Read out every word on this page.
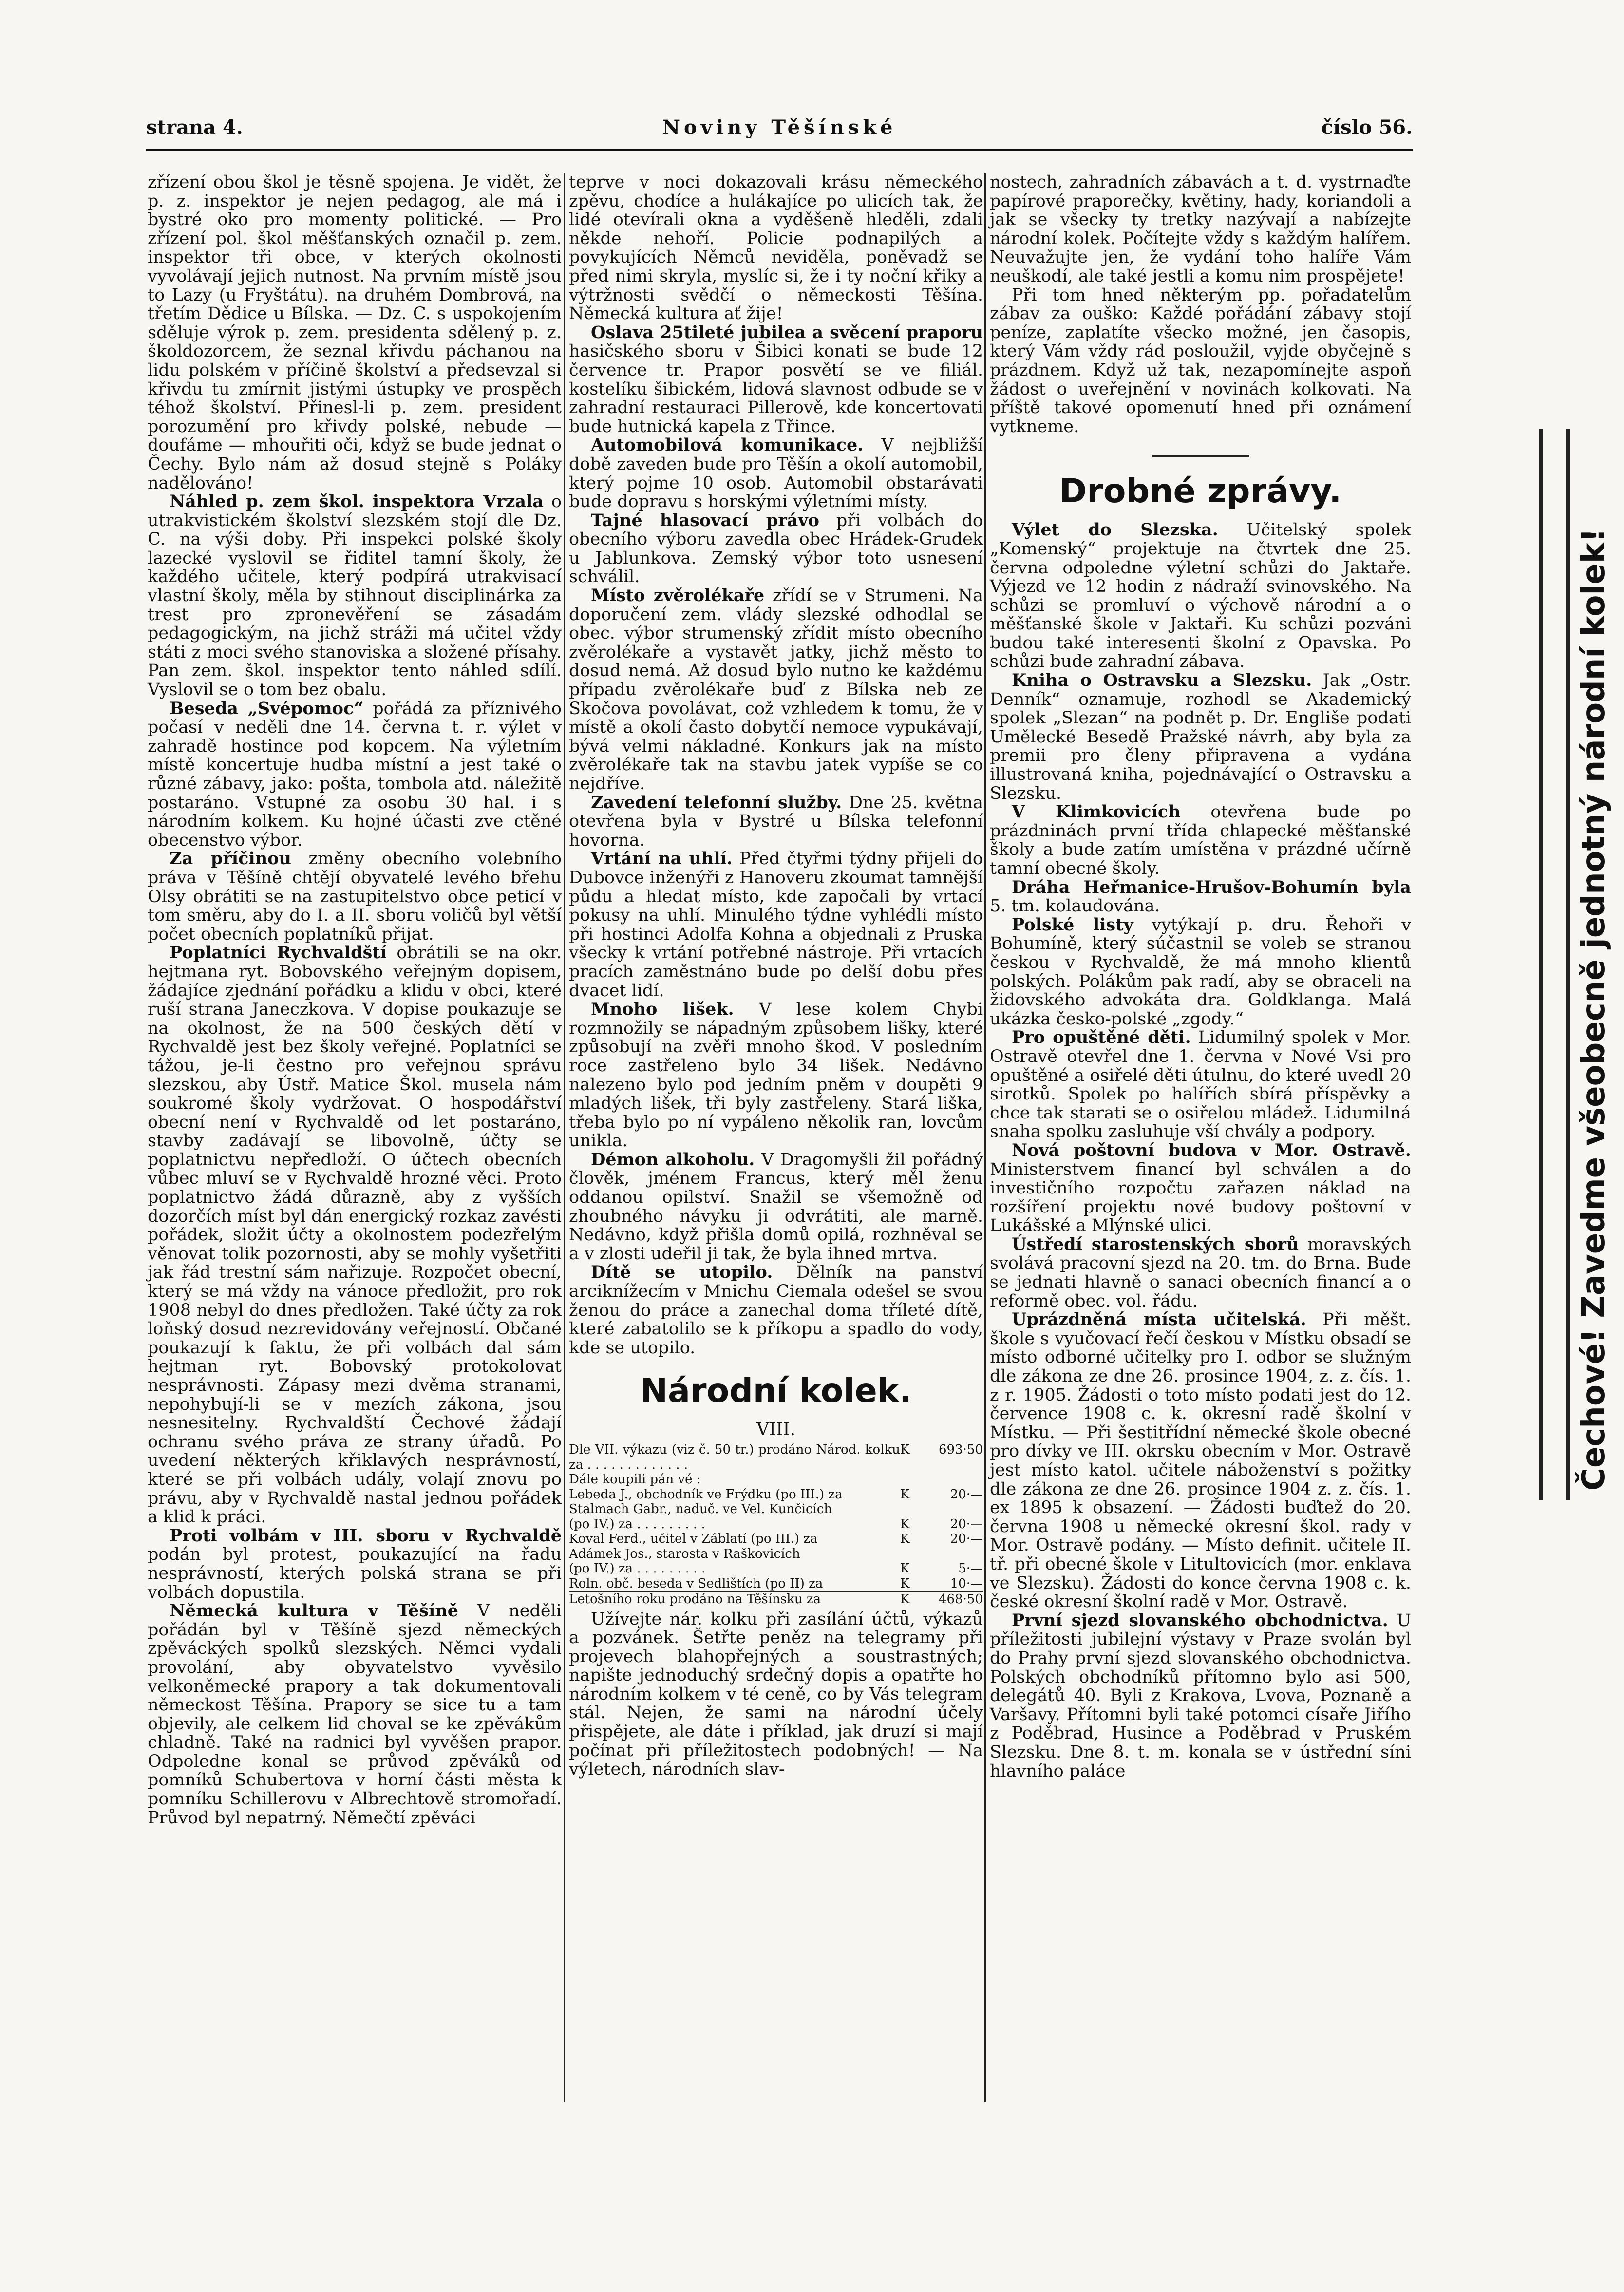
strana 4.	Noviny Těšínské	číslo 56.

zřízení obou škol je těsně spojena. Je vidět, že p. z. inspektor je nejen pedagog, ale má i bystré oko pro momenty politické. — Pro zřízení pol. škol měšťanských označil p. zem. inspektor tři obce, v kterých okolnosti vyvolávají jejich nutnost. Na prvním místě jsou to Lazy (u Fryštátu). na druhém Dombrová, na třetím Dědice u Bílska. — Dz. C. s uspokojením sděluje výrok p. zem. presidenta sdělený p. z. školdozorcem, že seznal křivdu páchanou na lidu polském v příčině školství a předsevzal si křivdu tu zmírnit jistými ústupky ve prospěch téhož školství. Přinesl-li p. zem. president porozumění pro křivdy polské, nebude — doufáme — mhouřiti oči, když se bude jednat o Čechy. Bylo nám až dosud stejně s Poláky nadělováno!

Náhled p. zem škol. inspektora Vrzala o utrakvistickém školství slezském stojí dle Dz. C. na výši doby. Při inspekci polské školy lazecké vyslovil se řiditel tamní školy, že každého učitele, který podpírá utrakvisací vlastní školy, měla by stihnout disciplinárka za trest pro zpronevěření se zásadám pedagogickým, na jichž stráži má učitel vždy státi z moci svého stanoviska a složené přísahy. Pan zem. škol. inspektor tento náhled sdílí. Vyslovil se o tom bez obalu.

Beseda „Svépomoc“ pořádá za příznivého počasí v neděli dne 14. června t. r. výlet v zahradě hostince pod kopcem. Na výletním místě koncertuje hudba místní a jest také o různé zábavy, jako: pošta, tombola atd. náležitě postaráno. Vstupné za osobu 30 hal. i s národním kolkem. Ku hojné účasti zve ctěné obecenstvo výbor.

Za příčinou změny obecního volebního práva v Těšíně chtějí obyvatelé levého břehu Olsy obrátiti se na zastupitelstvo obce peticí v tom směru, aby do I. a II. sboru voličů byl větší počet obecních poplatníků přijat.

Poplatníci Rychvaldští obrátili se na okr. hejtmana ryt. Bobovského veřejným dopisem, žádajíce zjednání pořádku a klidu v obci, které ruší strana Janeczkova. V dopise poukazuje se na okolnost, že na 500 českých dětí v Rychvaldě jest bez školy veřejné. Poplatníci se tážou, je-li čestno pro veřejnou správu slezskou, aby Ústř. Matice Škol. musela nám soukromé školy vydržovat. O hospodářství obecní není v Rychvaldě od let postaráno, stavby zadávají se libovolně, účty se poplatnictvu nepředloží. O účtech obecních vůbec mluví se v Rychvaldě hrozné věci. Proto poplatnictvo žádá důrazně, aby z vyšších dozorčích míst byl dán energický rozkaz zavésti pořádek, složit účty a okolnostem podezřelým věnovat tolik pozornosti, aby se mohly vyšetřiti jak řád trestní sám nařizuje. Rozpočet obecní, který se má vždy na vánoce předložit, pro rok 1908 nebyl do dnes předložen. Také účty za rok loňský dosud nezrevidovány veřejností. Občané poukazují k faktu, že při volbách dal sám hejtman ryt. Bobovský protokolovat nesprávnosti. Zápasy mezi dvěma stranami, nepohybují-li se v mezích zákona, jsou nesnesitelny. Rychvaldští Čechové žádají ochranu svého práva ze strany úřadů. Po uvedení některých křiklavých nesprávností, které se při volbách udály, volají znovu po právu, aby v Rychvaldě nastal jednou pořádek a klid k práci.

Proti volbám v III. sboru v Rychvaldě podán byl protest, poukazující na řadu nesprávností, kterých polská strana se při volbách dopustila.

Německá kultura v Těšíně V neděli pořádán byl v Těšíně sjezd německých zpěváckých spolků slezských. Němci vydali provolání, aby obyvatelstvo vyvěsilo velkoněmecké prapory a tak dokumentovali německost Těšína. Prapory se sice tu a tam objevily, ale celkem lid choval se ke zpěvákům chladně. Také na radnici byl vyvěšen prapor. Odpoledne konal se průvod zpěváků od pomníků Schubertova v horní části města k pomníku Schillerovu v Albrechtově stromořadí. Průvod byl nepatrný. Němečtí zpěváci

teprve v noci dokazovali krásu německého zpěvu, chodíce a hulákajíce po ulicích tak, že lidé otevírali okna a vyděšeně hleděli, zdali někde nehoří. Policie podnapilých a povykujících Němců neviděla, poněvadž se před nimi skryla, myslíc si, že i ty noční křiky a výtržnosti svědčí o německosti Těšína. Německá kultura ať žije!

Oslava 25tileté jubilea a svěcení praporu hasičského sboru v Šibici konati se bude 12 července tr. Prapor posvětí se ve filiál. kostelíku šibickém, lidová slavnost odbude se v zahradní restauraci Pillerově, kde koncertovati bude hutnická kapela z Třince.

Automobilová komunikace. V nejbližší době zaveden bude pro Těšín a okolí automobil, který pojme 10 osob. Automobil obstarávati bude dopravu s horskými výletními místy.

Tajné hlasovací právo při volbách do obecního výboru zavedla obec Hrádek-Grudek u Jablunkova. Zemský výbor toto usnesení schválil.

Místo zvěrolékaře zřídí se v Strumeni. Na doporučení zem. vlády slezské odhodlal se obec. výbor strumenský zřídit místo obecního zvěrolékaře a vystavět jatky, jichž město to dosud nemá. Až dosud bylo nutno ke každému případu zvěrolékaře buď z Bílska neb ze Skočova povolávat, což vzhledem k tomu, že v místě a okolí často dobytčí nemoce vypukávají, bývá velmi nákladné. Konkurs jak na místo zvěrolékaře tak na stavbu jatek vypíše se co nejdříve.

Zavedení telefonní služby. Dne 25. května otevřena byla v Bystré u Bílska telefonní hovorna.

Vrtání na uhlí. Před čtyřmi týdny přijeli do Dubovce inženýři z Hanoveru zkoumat tamnější půdu a hledat místo, kde započali by vrtací pokusy na uhlí. Minulého týdne vyhlédli místo při hostinci Adolfa Kohna a objednali z Pruska všecky k vrtání potřebné nástroje. Při vrtacích pracích zaměstnáno bude po delší dobu přes dvacet lidí.

Mnoho lišek. V lese kolem Chybi rozmnožily se nápadným způsobem lišky, které způsobují na zvěři mnoho škod. V posledním roce zastřeleno bylo 34 lišek. Nedávno nalezeno bylo pod jedním pněm v doupěti 9 mladých lišek, tři byly zastřeleny. Stará liška, třeba bylo po ní vypáleno několik ran, lovcům unikla.

Démon alkoholu. V Dragomyšli žil pořádný člověk, jménem Francus, který měl ženu oddanou opilství. Snažil se všemožně od zhoubného návyku ji odvrátiti, ale marně. Nedávno, když přišla domů opilá, rozhněval se a v zlosti udeřil ji tak, že byla ihned mrtva.

Dítě se utopilo. Dělník na panství arciknížecím v Mnichu Ciemala odešel se svou ženou do práce a zanechal doma tříleté dítě, které zabatolilo se k příkopu a spadlo do vody, kde se utopilo.

Národní kolek.
VIII.
Dle VII. výkazu (viz č. 50 tr.) prodáno Národ. kolku za . . . . . . . . . . . . .
K	693·50
Dále koupili pán vé :
Lebeda J., obchodník ve Frýdku (po III.) za	K	20·—
Stalmach Gabr., naduč. ve Vel. Kunčicích
(po IV.) za . . . . . . . . .	K	20·—
Koval Ferd., učitel v Záblatí (po III.) za	K	20·—
Adámek Jos., starosta v Raškovicích
(po IV.) za . . . . . . . . .	K	5·—
Roln. obč. beseda v Sedlištích (po II) za	K	10·—
Letošního roku prodáno na Těšínsku za	K	468·50

Užívejte nár. kolku při zasílání účtů, výkazů a pozvánek. Šetřte peněz na telegramy při projevech blahopřejných a soustrastných; napište jednoduchý srdečný dopis a opatřte ho národním kolkem v té ceně, co by Vás telegram stál. Nejen, že sami na národní účely přispějete, ale dáte i příklad, jak druzí si mají počínat při příležitostech podobných! — Na výletech, národních slav-

nostech, zahradních zábavách a t. d. vystrnaďte papírové praporečky, květiny, hady, koriandoli a jak se všecky ty tretky nazývají a nabízejte národní kolek. Počítejte vždy s každým halířem. Neuvažujte jen, že vydání toho halíře Vám neuškodí, ale také jestli a komu nim prospějete!

Při tom hned některým pp. pořadatelům zábav za ouško: Každé pořádání zábavy stojí peníze, zaplatíte všecko možné, jen časopis, který Vám vždy rád posloužil, vyjde obyčejně s prázdnem. Když už tak, nezapomínejte aspoň žádost o uveřejnění v novinách kolkovati. Na příště takové opomenutí hned při oznámení vytkneme.

Drobné zprávy.

Výlet do Slezska. Učitelský spolek „Komenský“ projektuje na čtvrtek dne 25. června odpoledne výletní schůzi do Jaktaře. Výjezd ve 12 hodin z nádraží svinovského. Na schůzi se promluví o výchově národní a o měšťanské škole v Jaktaři. Ku schůzi pozváni budou také interesenti školní z Opavska. Po schůzi bude zahradní zábava.

Kniha o Ostravsku a Slezsku. Jak „Ostr. Denník“ oznamuje, rozhodl se Akademický spolek „Slezan“ na podnět p. Dr. Engliše podati Umělecké Besedě Pražské návrh, aby byla za premii pro členy připravena a vydána illustrovaná kniha, pojednávající o Ostravsku a Slezsku.

V Klimkovicích otevřena bude po prázdninách první třída chlapecké měšťanské školy a bude zatím umístěna v prázdné učírně tamní obecné školy.

Dráha Heřmanice-Hrušov-Bohumín byla 5. tm. kolaudována.

Polské listy vytýkají p. dru. Řehoři v Bohumíně, který súčastnil se voleb se stranou českou v Rychvaldě, že má mnoho klientů polských. Polákům pak radí, aby se obraceli na židovského advokáta dra. Goldklanga. Malá ukázka česko-polské „zgody.“

Pro opuštěné děti. Lidumilný spolek v Mor. Ostravě otevřel dne 1. června v Nové Vsi pro opuštěné a osiřelé děti útulnu, do které uvedl 20 sirotků. Spolek po halířích sbírá příspěvky a chce tak starati se o osiřelou mládež. Lidumilná snaha spolku zasluhuje vší chvály a podpory.

Nová poštovní budova v Mor. Ostravě. Ministerstvem financí byl schválen a do investičního rozpočtu zařazen náklad na rozšíření projektu nové budovy poštovní v Lukášské a Mlýnské ulici.

Ústředí starostenských sborů moravských svolává pracovní sjezd na 20. tm. do Brna. Bude se jednati hlavně o sanaci obecních financí a o reformě obec. vol. řádu.

Uprázdněná místa učitelská. Při měšt. škole s vyučovací řečí českou v Místku obsadí se místo odborné učitelky pro I. odbor se služným dle zákona ze dne 26. prosince 1904, z. z. čís. 1. z r. 1905. Žádosti o toto místo podati jest do 12. července 1908 c. k. okresní radě školní v Místku. — Při šestitřídní německé škole obecné pro dívky ve III. okrsku obecním v Mor. Ostravě jest místo katol. učitele náboženství s požitky dle zákona ze dne 26. prosince 1904 z. z. čís. 1. ex 1895 k obsazení. — Žádosti buďtež do 20. června 1908 u německé okresní škol. rady v Mor. Ostravě podány. — Místo definit. učitele II. tř. při obecné škole v Litultovicích (mor. enklava ve Slezsku). Žádosti do konce června 1908 c. k. české okresní školní radě v Mor. Ostravě.

První sjezd slovanského obchodnictva. U příležitosti jubilejní výstavy v Praze svolán byl do Prahy první sjezd slovanského obchodnictva. Polských obchodníků přítomno bylo asi 500, delegátů 40. Byli z Krakova, Lvova, Poznaně a Varšavy. Přítomni byli také potomci císaře Jiřího z Poděbrad, Husince a Poděbrad v Pruském Slezsku. Dne 8. t. m. konala se v ústřední síni hlavního paláce

Čechové! Zavedme všeobecně jednotný národní kolek!
